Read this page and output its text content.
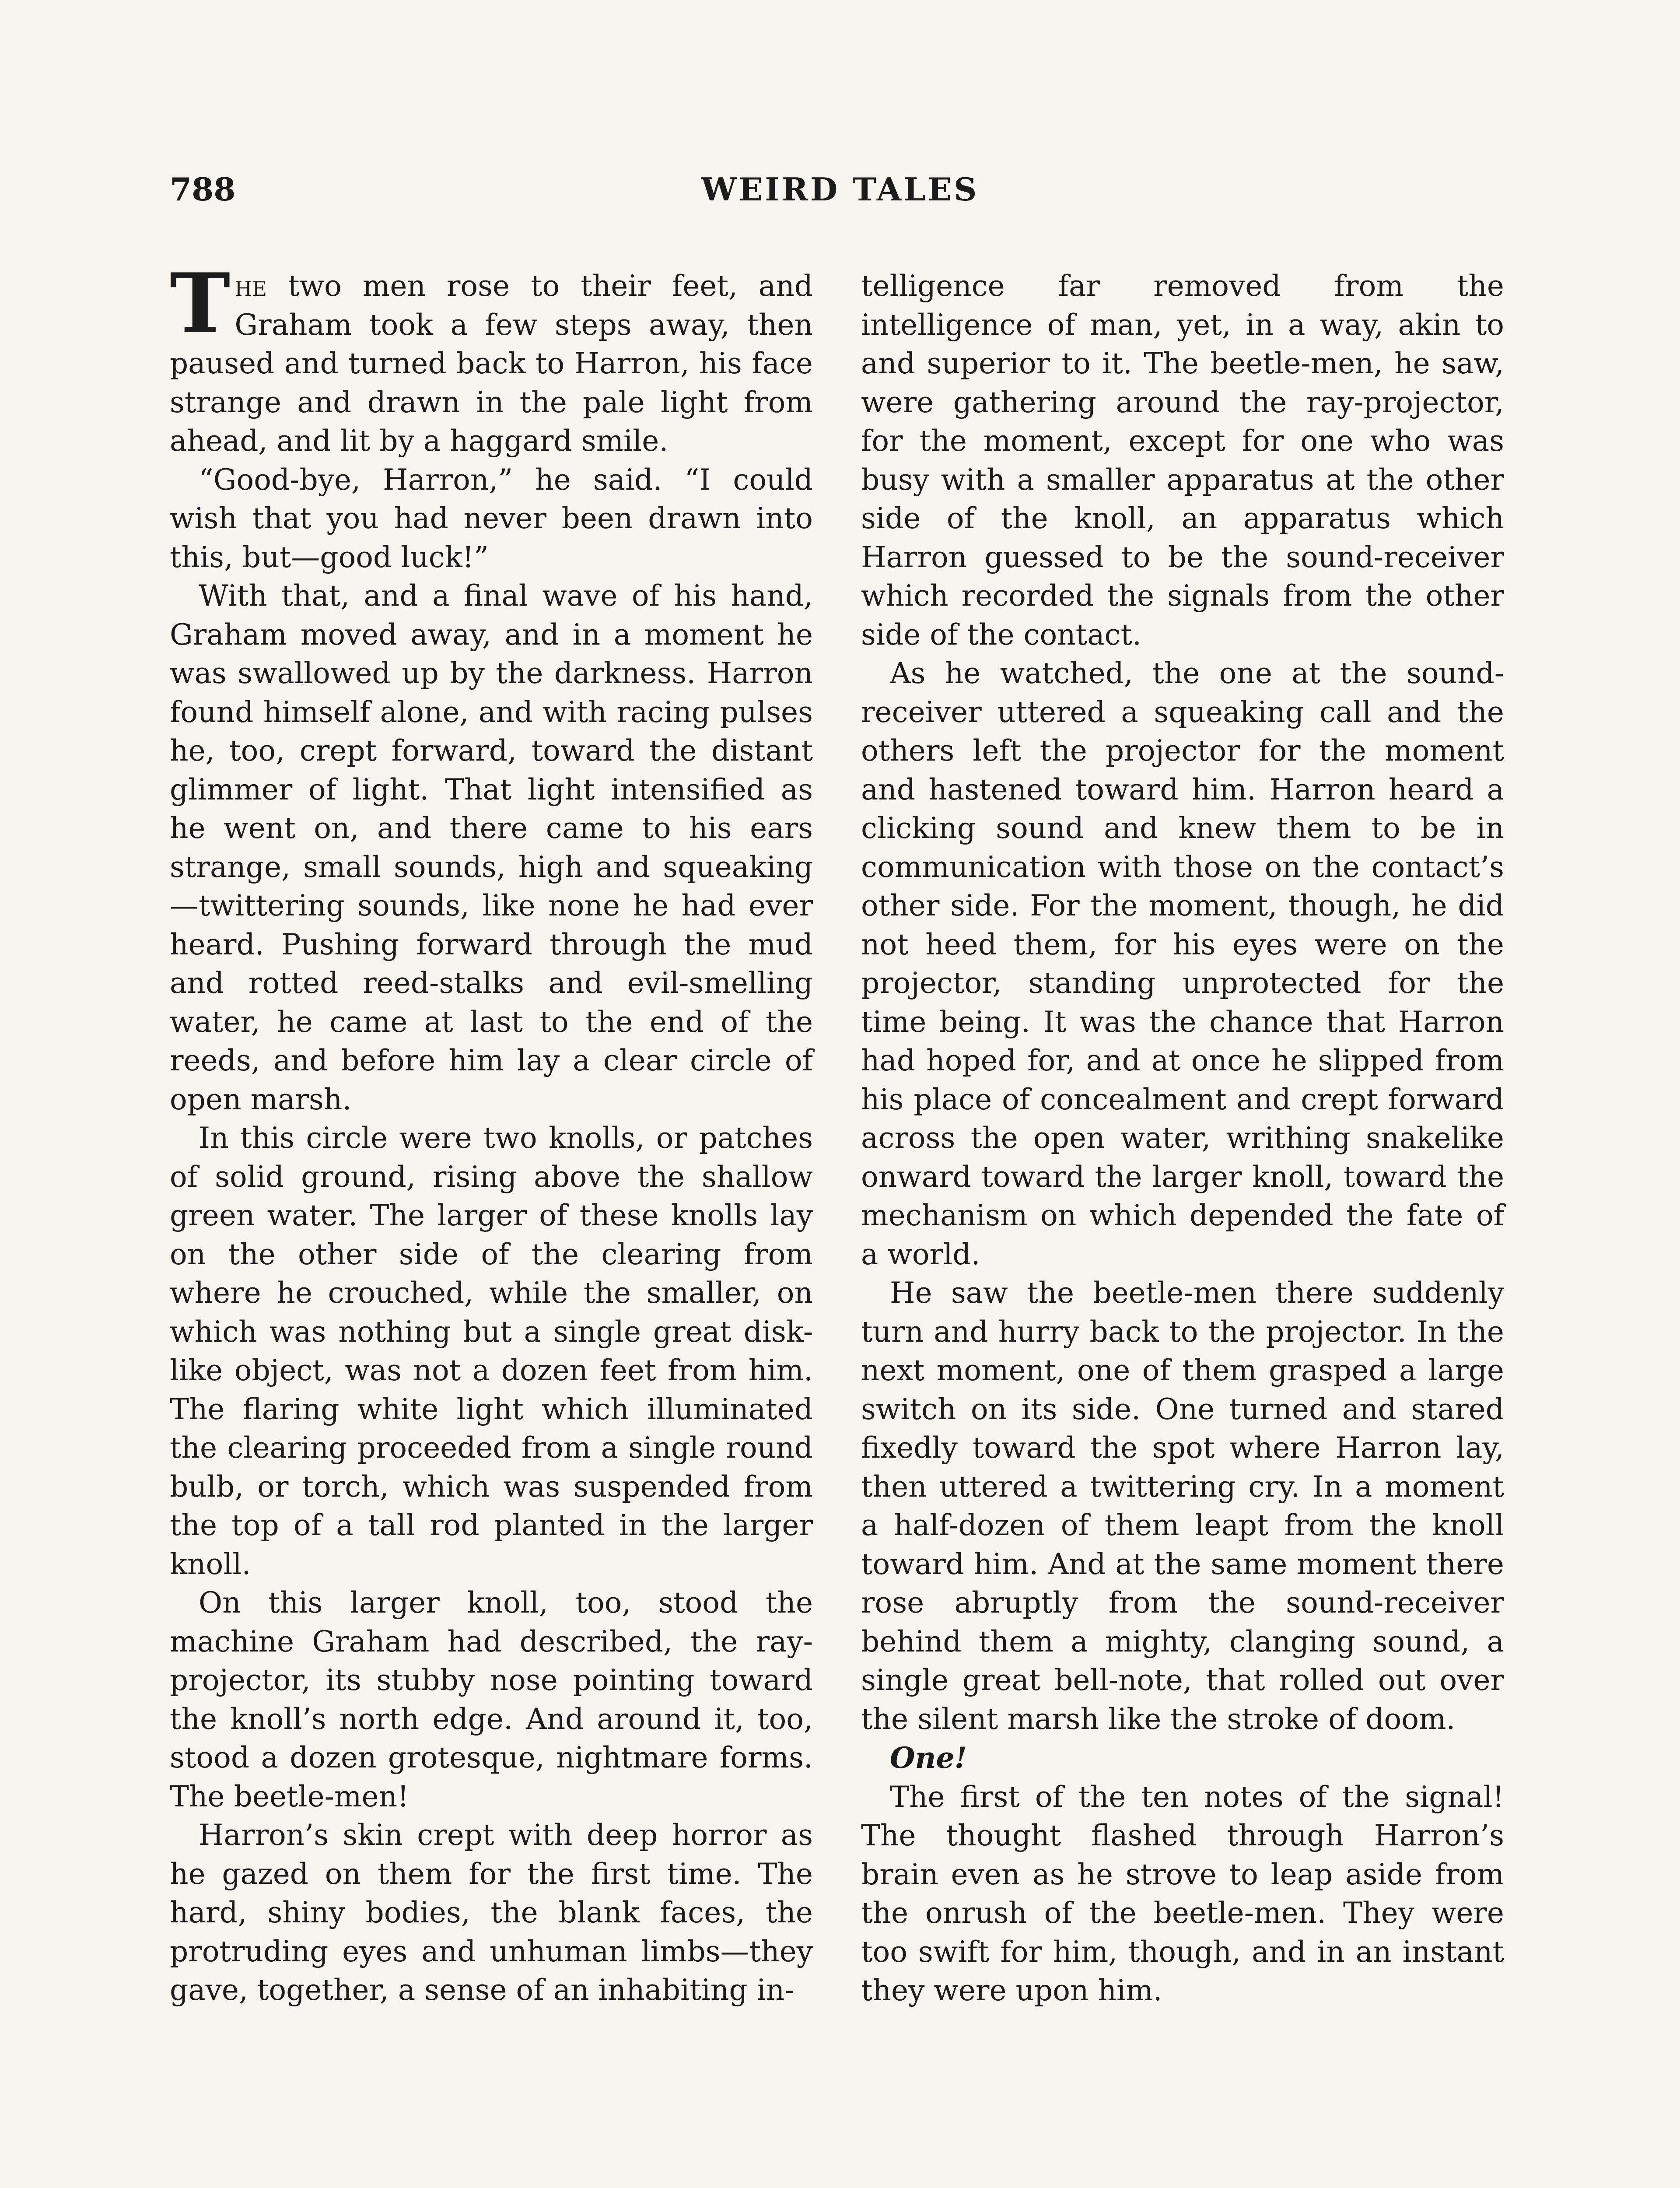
788	WEIRD TALES

The two men rose to their feet, and Graham took a few steps away, then paused and turned back to Harron, his face strange and drawn in the pale light from ahead, and lit by a haggard smile.

“Good-bye, Harron,” he said. “I could wish that you had never been drawn into this, but—good luck!”

With that, and a final wave of his hand, Graham moved away, and in a moment he was swallowed up by the darkness. Harron found himself alone, and with racing pulses he, too, crept forward, toward the distant glimmer of light. That light intensified as he went on, and there came to his ears strange, small sounds, high and squeaking—twittering sounds, like none he had ever heard. Pushing forward through the mud and rotted reed-stalks and evil-smelling water, he came at last to the end of the reeds, and before him lay a clear circle of open marsh.

In this circle were two knolls, or patches of solid ground, rising above the shallow green water. The larger of these knolls lay on the other side of the clearing from where he crouched, while the smaller, on which was nothing but a single great disk-like object, was not a dozen feet from him. The flaring white light which illuminated the clearing proceeded from a single round bulb, or torch, which was suspended from the top of a tall rod planted in the larger knoll.

On this larger knoll, too, stood the machine Graham had described, the ray-projector, its stubby nose pointing toward the knoll’s north edge. And around it, too, stood a dozen grotesque, nightmare forms. The beetle-men!

Harron’s skin crept with deep horror as he gazed on them for the first time. The hard, shiny bodies, the blank faces, the protruding eyes and unhuman limbs—they gave, together, a sense of an inhabiting in-

telligence far removed from the intelligence of man, yet, in a way, akin to and superior to it. The beetle-men, he saw, were gathering around the ray-projector, for the moment, except for one who was busy with a smaller apparatus at the other side of the knoll, an apparatus which Harron guessed to be the sound-receiver which recorded the signals from the other side of the contact.

As he watched, the one at the sound-receiver uttered a squeaking call and the others left the projector for the moment and hastened toward him. Harron heard a clicking sound and knew them to be in communication with those on the contact’s other side. For the moment, though, he did not heed them, for his eyes were on the projector, standing unprotected for the time being. It was the chance that Harron had hoped for, and at once he slipped from his place of concealment and crept forward across the open water, writhing snakelike onward toward the larger knoll, toward the mechanism on which depended the fate of a world.

He saw the beetle-men there suddenly turn and hurry back to the projector. In the next moment, one of them grasped a large switch on its side. One turned and stared fixedly toward the spot where Harron lay, then uttered a twittering cry. In a moment a half-dozen of them leapt from the knoll toward him. And at the same moment there rose abruptly from the sound-receiver behind them a mighty, clanging sound, a single great bell-note, that rolled out over the silent marsh like the stroke of doom.

One!

The first of the ten notes of the signal! The thought flashed through Harron’s brain even as he strove to leap aside from the onrush of the beetle-men. They were too swift for him, though, and in an instant they were upon him.
